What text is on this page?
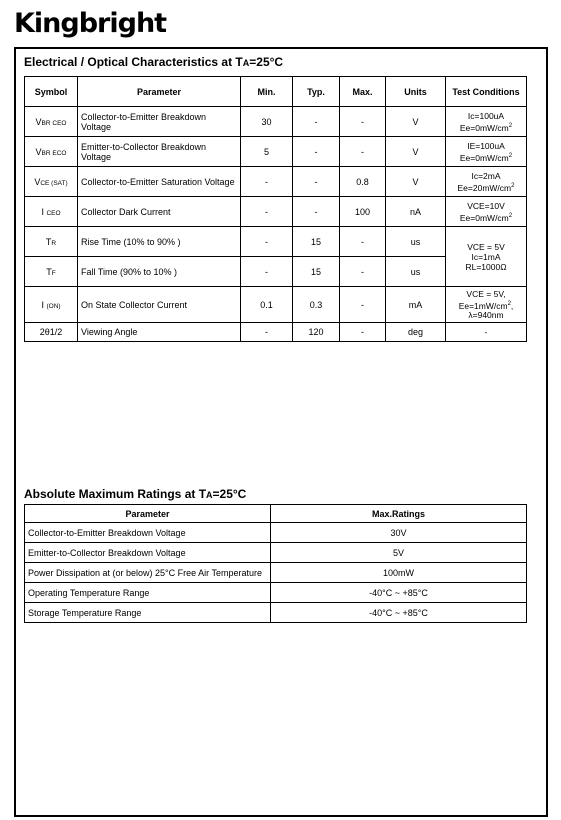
Kingbright
Electrical / Optical Characteristics at TA=25°C
Symbol	Parameter	Min.	Typ.	Max.	Units	Test Conditions
VBR CEO	Collector-to-Emitter Breakdown Voltage	30	-	-	V	Ic=100uA
$Ee=0mW/cm^2$

VBR ECO	Emitter-to-Collector Breakdown Voltage	5	-	-	V	IE=100uA
$Ee=0mW/cm^2$

VCE (SAT)	Collector-to-Emitter Saturation Voltage	-	-	0.8	V	Ic=2mA
$Ee=20mW/cm^2$

I CEO	Collector Dark Current	-	-	100	nA	VCE=10V
$Ee=0mW/cm^2$

TR	Rise Time (10% to 90% )	-	15	-	us	VCE = 5V
Ic=1mA
RL=1000Ω

TF	Fall Time (90% to 10% )	-	15	-	us	
I (ON)	On State Collector Current	0.1	0.3	-	mA	VCE = 5V,
$Ee=1mW/cm^2$,
λ=940nm

2θ1/2	Viewing Angle	-	120	-	deg	-
Absolute Maximum Ratings at TA=25°C
Parameter	Max.Ratings
Collector-to-Emitter Breakdown Voltage	30V
Emitter-to-Collector Breakdown Voltage	5V
Power Dissipation at (or below) 25°C Free Air Temperature	100mW
Operating Temperature Range	-40°C ~ +85°C
Storage Temperature Range	-40°C ~ +85°C
